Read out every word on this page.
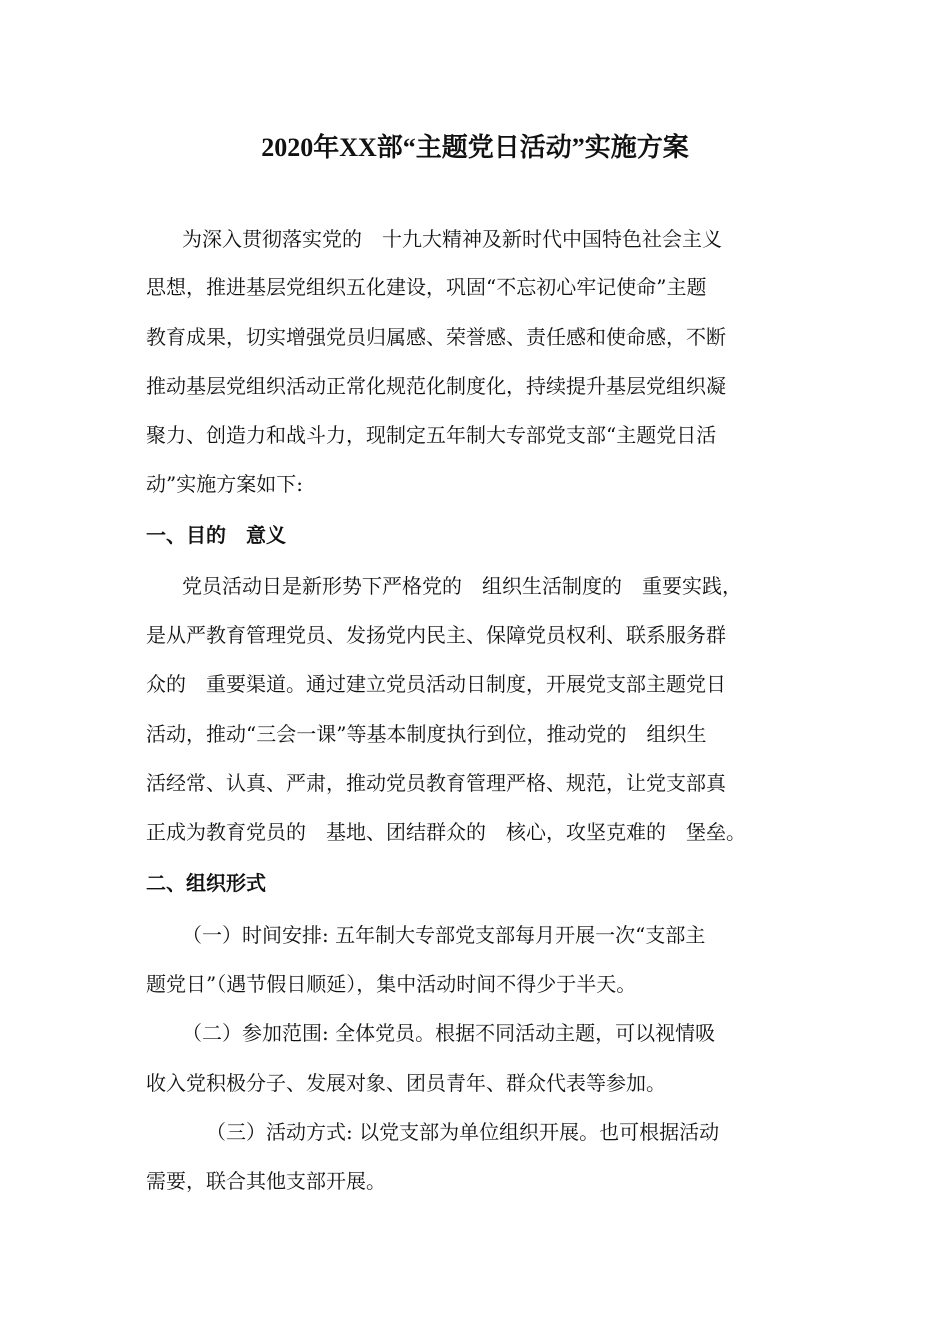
2020年XX部“主题党日活动”实施方案

为深入贯彻落实党的　十九大精神及新时代中国特色社会主义

思想，推进基层党组织五化建设，巩固“不忘初心牢记使命”主题

教育成果，切实增强党员归属感、荣誉感、责任感和使命感，不断

推动基层党组织活动正常化规范化制度化，持续提升基层党组织凝

聚力、创造力和战斗力，现制定五年制大专部党支部“主题党日活

动”实施方案如下:

一、目的　意义

党员活动日是新形势下严格党的　组织生活制度的　重要实践，

是从严教育管理党员、发扬党内民主、保障党员权利、联系服务群

众的　重要渠道。通过建立党员活动日制度，开展党支部主题党日

活动，推动“三会一课”等基本制度执行到位，推动党的　组织生

活经常、认真、严肃，推动党员教育管理严格、规范，让党支部真

正成为教育党员的　基地、团结群众的　核心，攻坚克难的　堡垒。

二、组织形式

（一）时间安排: 五年制大专部党支部每月开展一次“支部主

题党日”（遇节假日顺延），集中活动时间不得少于半天。

（二）参加范围: 全体党员。根据不同活动主题，可以视情吸

收入党积极分子、发展对象、团员青年、群众代表等参加。

（三）活动方式: 以党支部为单位组织开展。也可根据活动

需要，联合其他支部开展。
